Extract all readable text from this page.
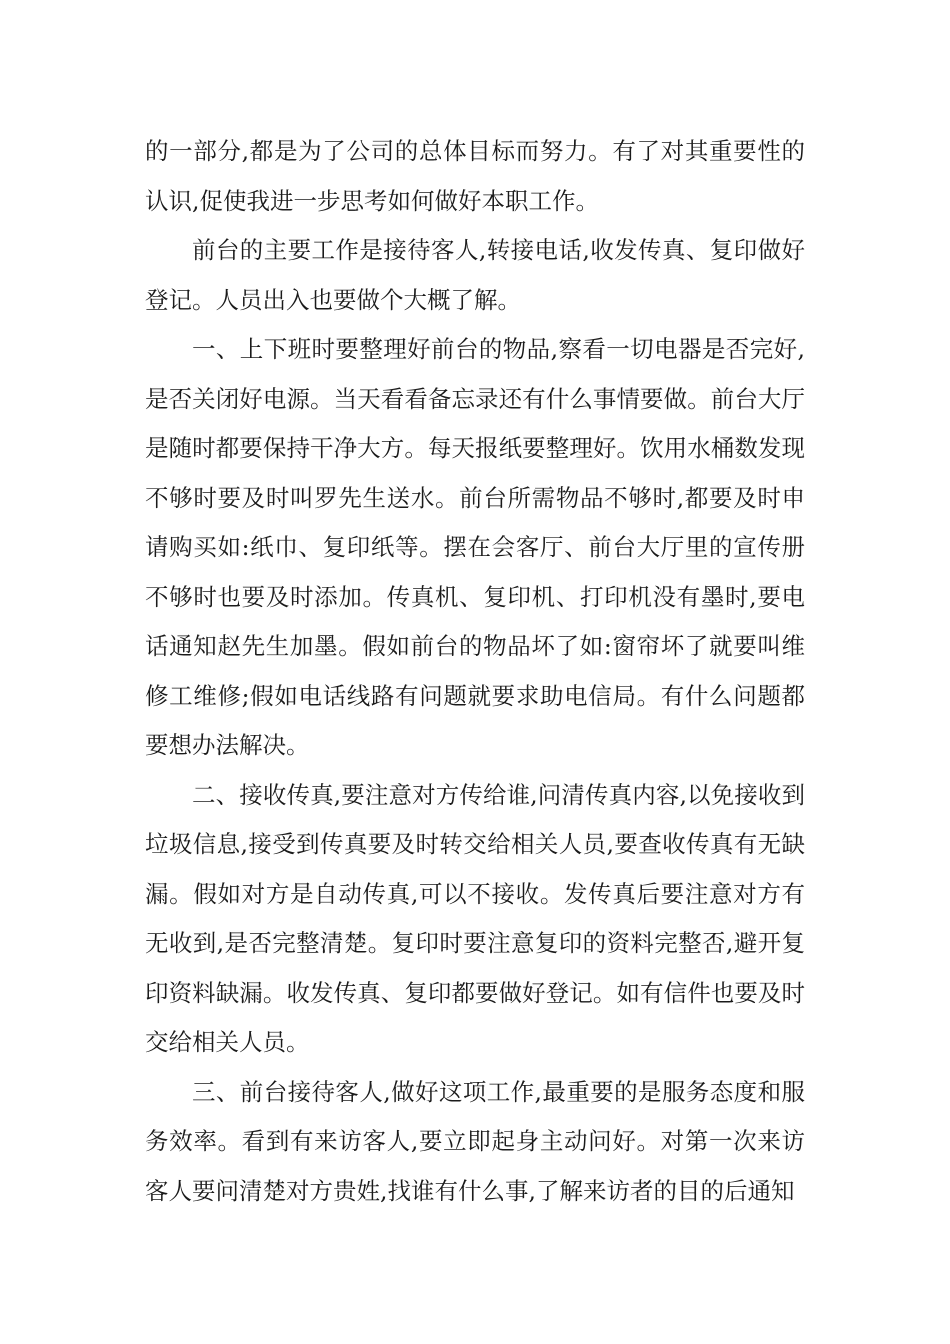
的一部分,都是为了公司的总体目标而努力。有了对其重要性的认识,促使我进一步思考如何做好本职工作。

前台的主要工作是接待客人,转接电话,收发传真、复印做好登记。人员出入也要做个大概了解。

一、上下班时要整理好前台的物品,察看一切电器是否完好,是否关闭好电源。当天看看备忘录还有什么事情要做。前台大厅是随时都要保持干净大方。每天报纸要整理好。饮用水桶数发现不够时要及时叫罗先生送水。前台所需物品不够时,都要及时申请购买如:纸巾、复印纸等。摆在会客厅、前台大厅里的宣传册不够时也要及时添加。传真机、复印机、打印机没有墨时,要电话通知赵先生加墨。假如前台的物品坏了如:窗帘坏了就要叫维修工维修;假如电话线路有问题就要求助电信局。有什么问题都要想办法解决。

二、接收传真,要注意对方传给谁,问清传真内容,以免接收到垃圾信息,接受到传真要及时转交给相关人员,要查收传真有无缺漏。假如对方是自动传真,可以不接收。发传真后要注意对方有无收到,是否完整清楚。复印时要注意复印的资料完整否,避开复印资料缺漏。收发传真、复印都要做好登记。如有信件也要及时交给相关人员。

三、前台接待客人,做好这项工作,最重要的是服务态度和服务效率。看到有来访客人,要立即起身主动问好。对第一次来访客人要问清楚对方贵姓,找谁有什么事,了解来访者的目的后通知
